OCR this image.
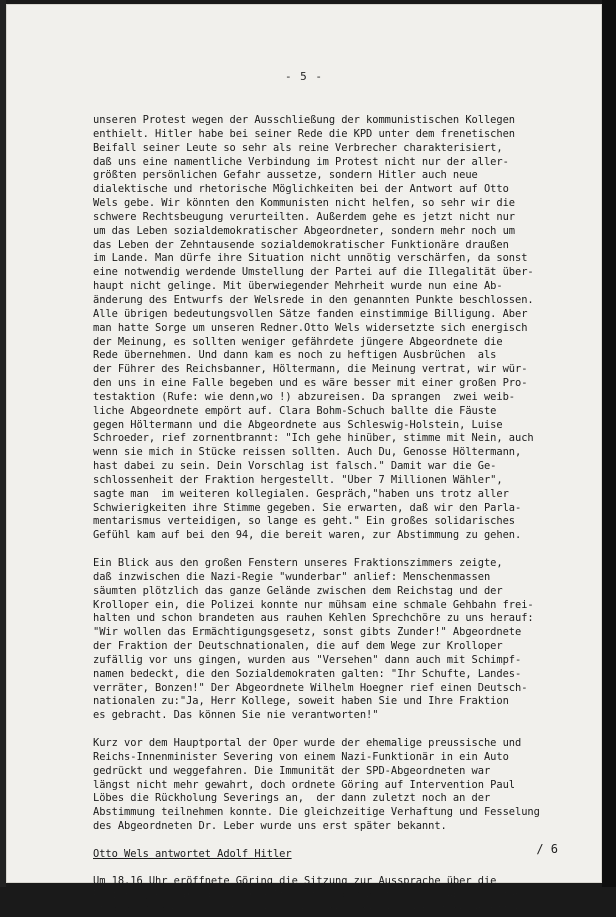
- 5 -
unseren Protest wegen der Ausschließung der kommunistischen Kollegen
enthielt. Hitler habe bei seiner Rede die KPD unter dem frenetischen
Beifall seiner Leute so sehr als reine Verbrecher charakterisiert,
daß uns eine namentliche Verbindung im Protest nicht nur der aller-
größten persönlichen Gefahr aussetze, sondern Hitler auch neue
dialektische und rhetorische Möglichkeiten bei der Antwort auf Otto
Wels gebe. Wir könnten den Kommunisten nicht helfen, so sehr wir die
schwere Rechtsbeugung verurteilten. Außerdem gehe es jetzt nicht nur
um das Leben sozialdemokratischer Abgeordneter, sondern mehr noch um
das Leben der Zehntausende sozialdemokratischer Funktionäre draußen
im Lande. Man dürfe ihre Situation nicht unnötig verschärfen, da sonst
eine notwendig werdende Umstellung der Partei auf die Illegalität über-
haupt nicht gelinge. Mit überwiegender Mehrheit wurde nun eine Ab-
änderung des Entwurfs der Welsrede in den genannten Punkte beschlossen.
Alle übrigen bedeutungsvollen Sätze fanden einstimmige Billigung. Aber
man hatte Sorge um unseren Redner.Otto Wels widersetzte sich energisch
der Meinung, es sollten weniger gefährdete jüngere Abgeordnete die
Rede übernehmen. Und dann kam es noch zu heftigen Ausbrüchen  als
der Führer des Reichsbanner, Höltermann, die Meinung vertrat, wir wür-
den uns in eine Falle begeben und es wäre besser mit einer großen Pro-
testaktion (Rufe: wie denn,wo !) abzureisen. Da sprangen  zwei weib-
liche Abgeordnete empört auf. Clara Bohm-Schuch ballte die Fäuste
gegen Höltermann und die Abgeordnete aus Schleswig-Holstein, Luise
Schroeder, rief zornentbrannt: "Ich gehe hinüber, stimme mit Nein, auch
wenn sie mich in Stücke reissen sollten. Auch Du, Genosse Höltermann,
hast dabei zu sein. Dein Vorschlag ist falsch." Damit war die Ge-
schlossenheit der Fraktion hergestellt. "Über 7 Millionen Wähler",
sagte man  im weiteren kollegialen. Gespräch,"haben uns trotz aller
Schwierigkeiten ihre Stimme gegeben. Sie erwarten, daß wir den Parla-
mentarismus verteidigen, so lange es geht." Ein großes solidarisches
Gefühl kam auf bei den 94, die bereit waren, zur Abstimmung zu gehen.
Ein Blick aus den großen Fenstern unseres Fraktionszimmers zeigte,
daß inzwischen die Nazi-Regie "wunderbar" anlief: Menschenmassen
säumten plötzlich das ganze Gelände zwischen dem Reichstag und der
Krolloper ein, die Polizei konnte nur mühsam eine schmale Gehbahn frei-
halten und schon brandeten aus rauhen Kehlen Sprechchöre zu uns herauf:
"Wir wollen das Ermächtigungsgesetz, sonst gibts Zunder!" Abgeordnete
der Fraktion der Deutschnationalen, die auf dem Wege zur Krolloper
zufällig vor uns gingen, wurden aus "Versehen" dann auch mit Schimpf-
namen bedeckt, die den Sozialdemokraten galten: "Ihr Schufte, Landes-
verräter, Bonzen!" Der Abgeordnete Wilhelm Hoegner rief einen Deutsch-
nationalen zu:"Ja, Herr Kollege, soweit haben Sie und Ihre Fraktion
es gebracht. Das können Sie nie verantworten!"
Kurz vor dem Hauptportal der Oper wurde der ehemalige preussische und
Reichs-Innenminister Severing von einem Nazi-Funktionär in ein Auto
gedrückt und weggefahren. Die Immunität der SPD-Abgeordneten war
längst nicht mehr gewahrt, doch ordnete Göring auf Intervention Paul
Löbes die Rückholung Severings an,  der dann zuletzt noch an der
Abstimmung teilnehmen konnte. Die gleichzeitige Verhaftung und Fesselung
des Abgeordneten Dr. Leber wurde uns erst später bekannt.
Otto Wels antwortet Adolf Hitler
Um 18.16 Uhr eröffnete Göring die Sitzung zur Aussprache über die
Regierungserklärung. Er erteilte sofort das Wort dem SPD-Abgeordneten
Otto Wels, der in sichtlicher Gelassenheit das Rednerpult neben Hitler
/ 6
